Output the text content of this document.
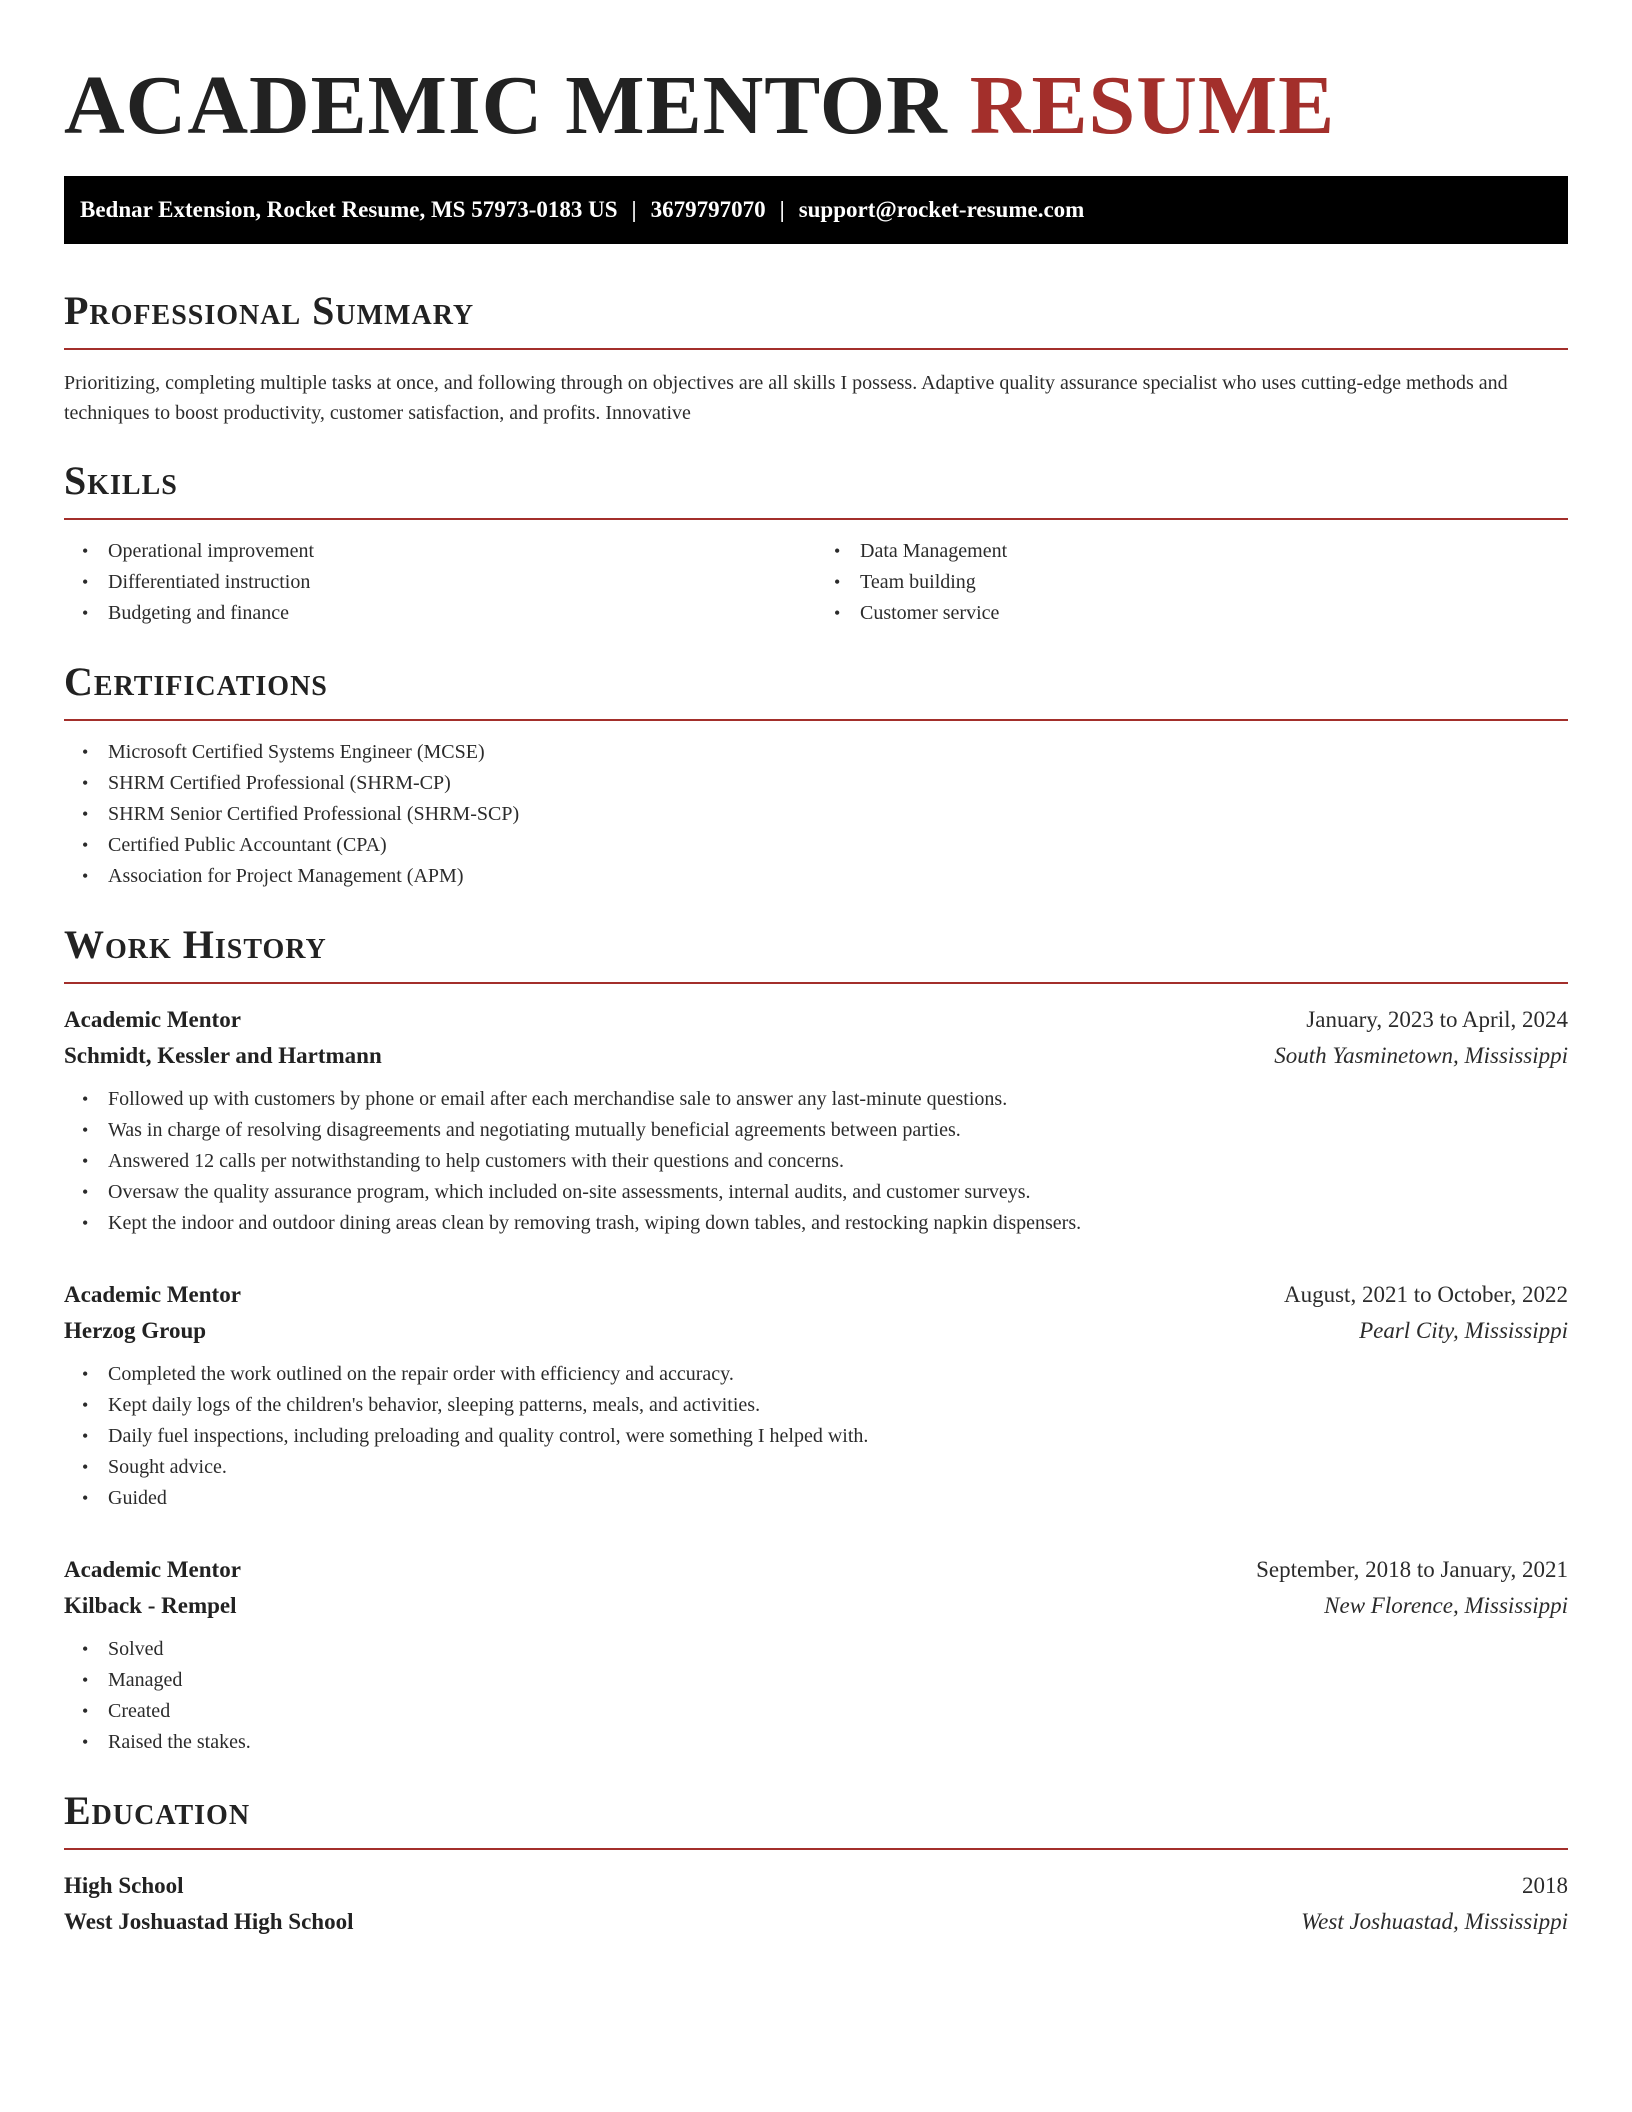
ACADEMIC MENTOR RESUME
Bednar Extension, Rocket Resume, MS 57973-0183 US | 3679797070 | support@rocket-resume.com
Professional Summary

Prioritizing, completing multiple tasks at once, and following through on objectives are all skills I possess. Adaptive quality assurance specialist who uses cutting-edge methods and techniques to boost productivity, customer satisfaction, and profits. Innovative

Skills
• Operational improvement
• Differentiated instruction
• Budgeting and finance
• Data Management
• Team building
• Customer service
Certifications
• Microsoft Certified Systems Engineer (MCSE)
• SHRM Certified Professional (SHRM-CP)
• SHRM Senior Certified Professional (SHRM-SCP)
• Certified Public Accountant (CPA)
• Association for Project Management (APM)
Work History
Academic Mentor	January, 2023 to April, 2024
Schmidt, Kessler and Hartmann	South Yasminetown, Mississippi
• Followed up with customers by phone or email after each merchandise sale to answer any last-minute questions.
• Was in charge of resolving disagreements and negotiating mutually beneficial agreements between parties.
• Answered 12 calls per notwithstanding to help customers with their questions and concerns.
• Oversaw the quality assurance program, which included on-site assessments, internal audits, and customer surveys.
• Kept the indoor and outdoor dining areas clean by removing trash, wiping down tables, and restocking napkin dispensers.
Academic Mentor	August, 2021 to October, 2022
Herzog Group	Pearl City, Mississippi
• Completed the work outlined on the repair order with efficiency and accuracy.
• Kept daily logs of the children's behavior, sleeping patterns, meals, and activities.
• Daily fuel inspections, including preloading and quality control, were something I helped with.
• Sought advice.
• Guided
Academic Mentor	September, 2018 to January, 2021
Kilback - Rempel	New Florence, Mississippi
• Solved
• Managed
• Created
• Raised the stakes.
Education
High School	2018
West Joshuastad High School	West Joshuastad, Mississippi
